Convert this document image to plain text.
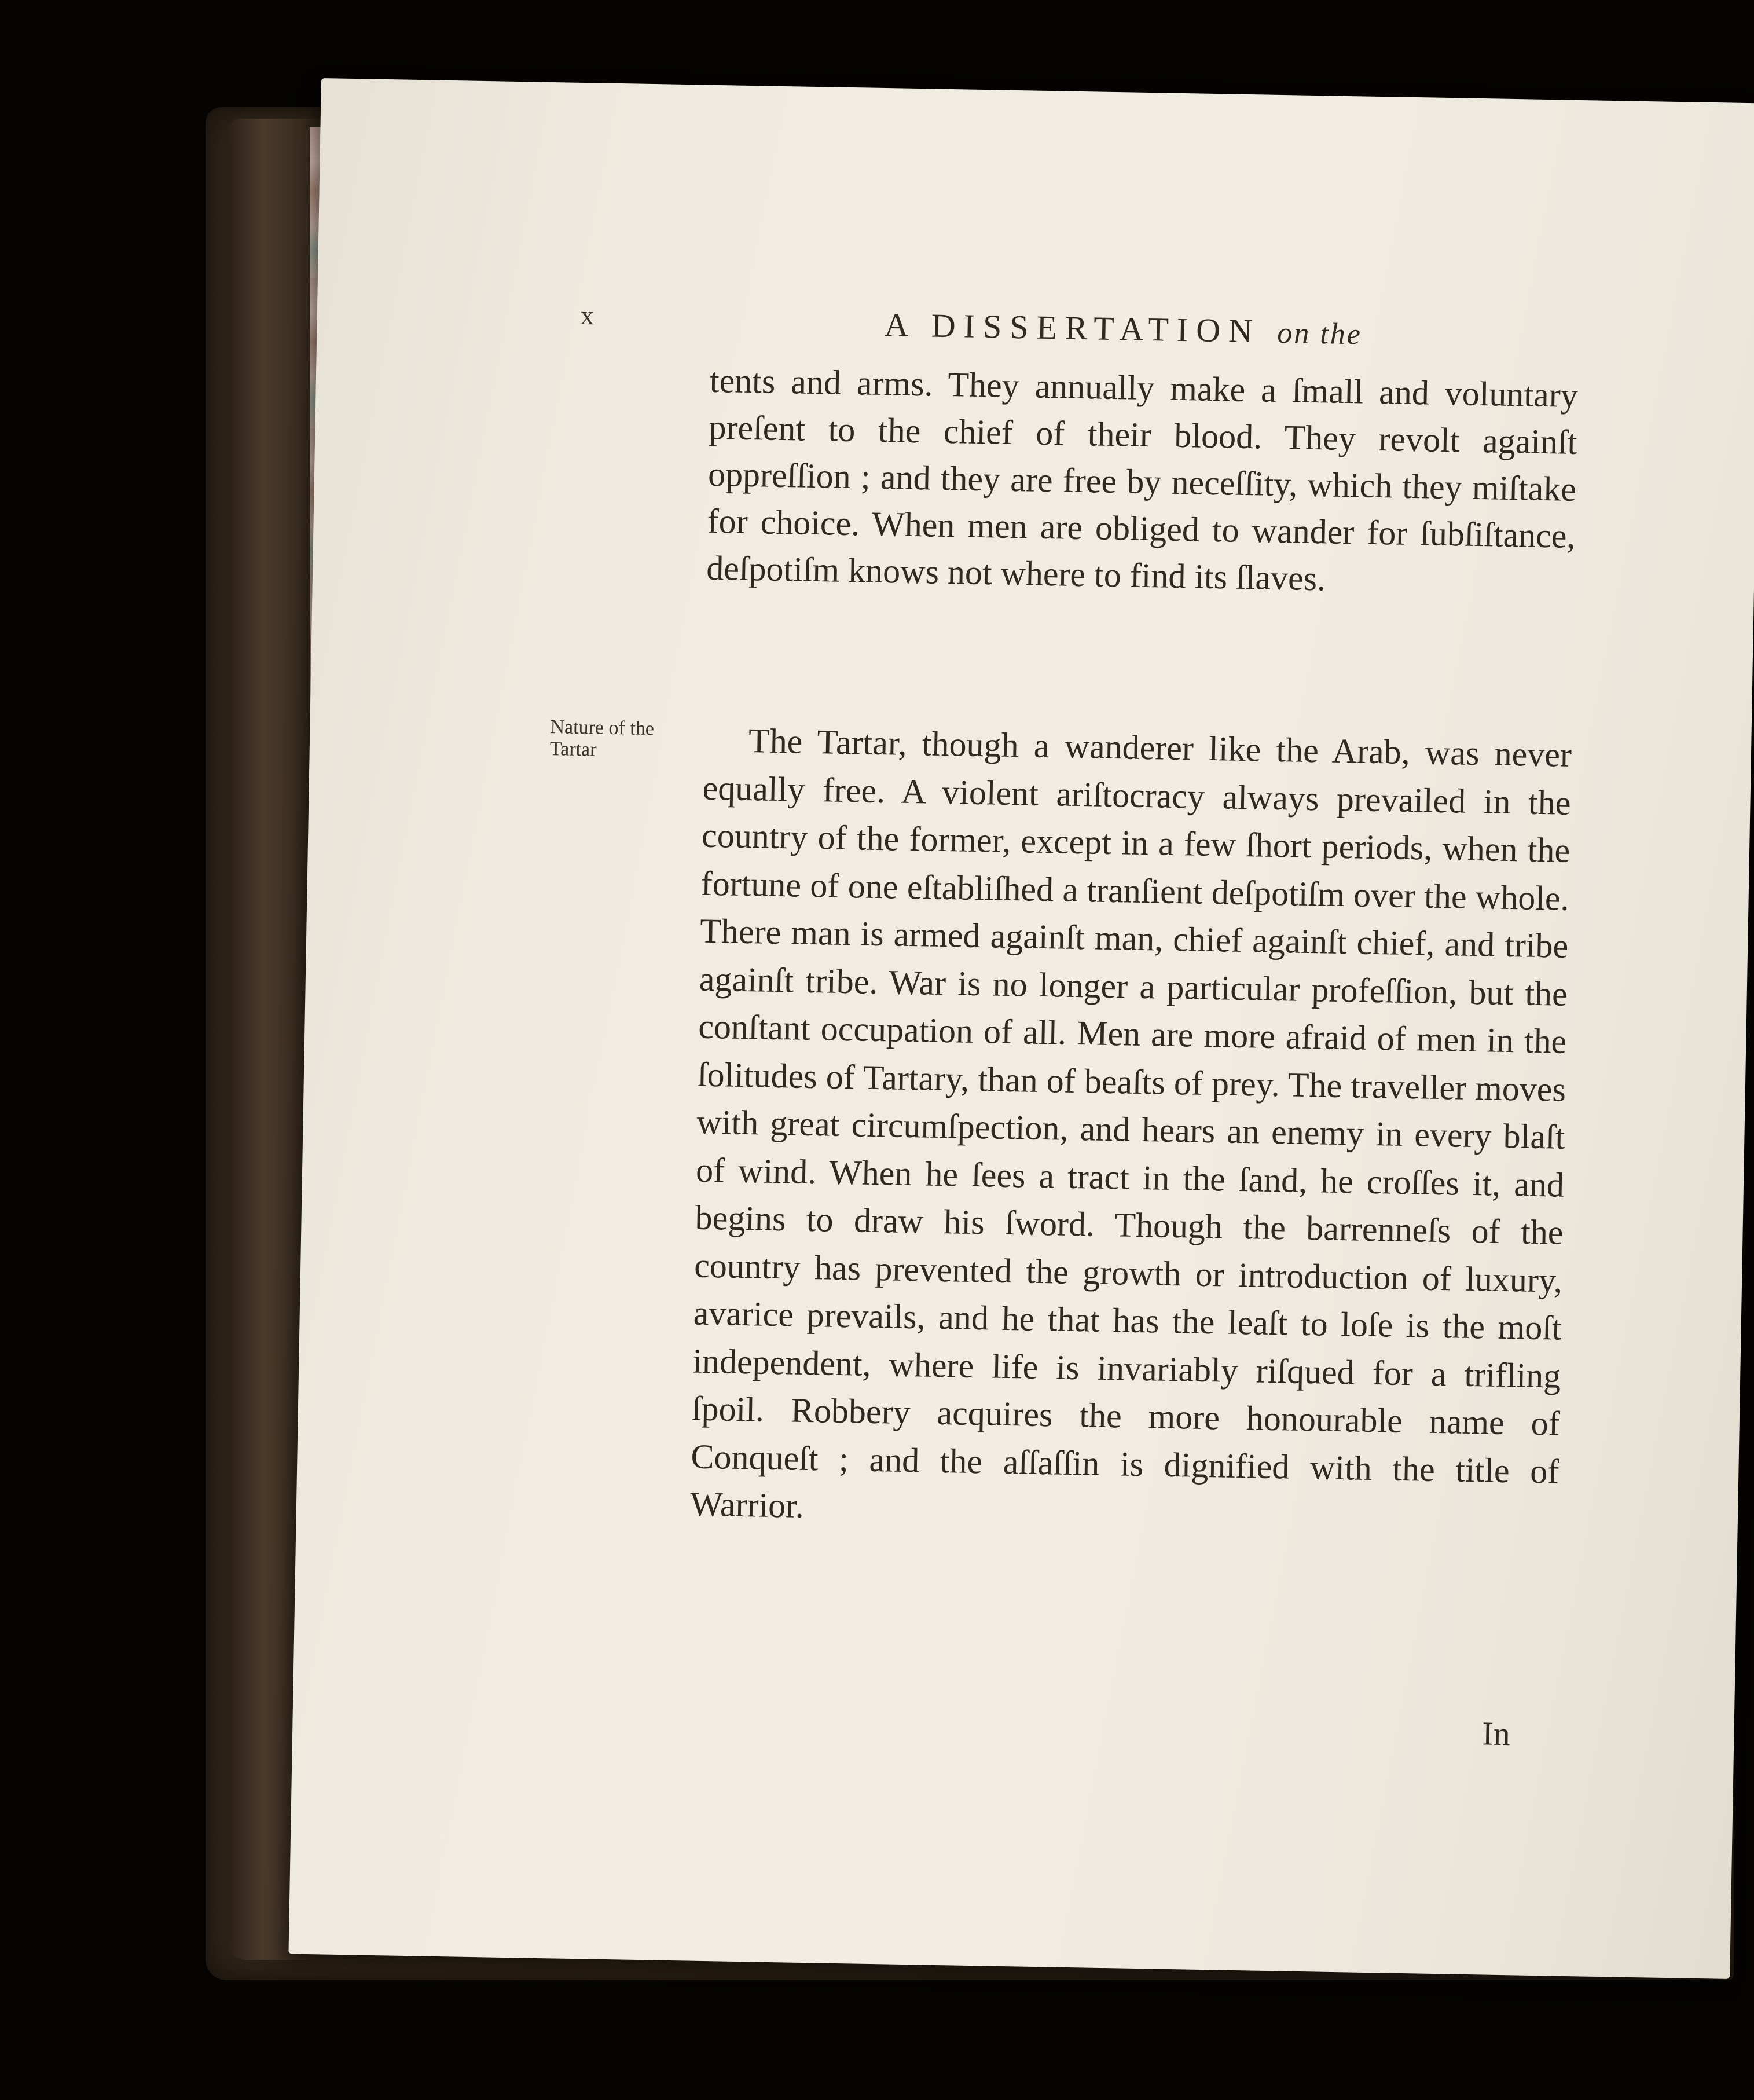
x	A DISSERTATION on the

tents and arms. They annually make a ſmall and voluntary preſent to the chief of their blood. They revolt againſt oppreſſion ; and they are free by neceſſity, which they miſtake for choice. When men are obliged to wander for ſubſiſtance, deſpotiſm knows not where to find its ſlaves.

Nature of the Tartar	The Tartar, though a wanderer like the Arab, was never equally free. A violent ariſtocracy always prevailed in the country of the former, except in a few ſhort periods, when the fortune of one eſtabliſhed a tranſient deſpotiſm over the whole. There man is armed againſt man, chief againſt chief, and tribe againſt tribe. War is no longer a particular profeſſion, but the conſtant occupation of all. Men are more afraid of men in the ſolitudes of Tartary, than of beaſts of prey. The traveller moves with great circumſpection, and hears an enemy in every blaſt of wind. When he ſees a tract in the ſand, he croſſes it, and begins to draw his ſword. Though the barrenneſs of the country has prevented the growth or introduction of luxury, avarice prevails, and he that has the leaſt to loſe is the moſt independent, where life is invariably riſqued for a trifling ſpoil. Robbery acquires the more honourable name of Conqueſt ; and the aſſaſſin is dignified with the title of Warrior.

In
